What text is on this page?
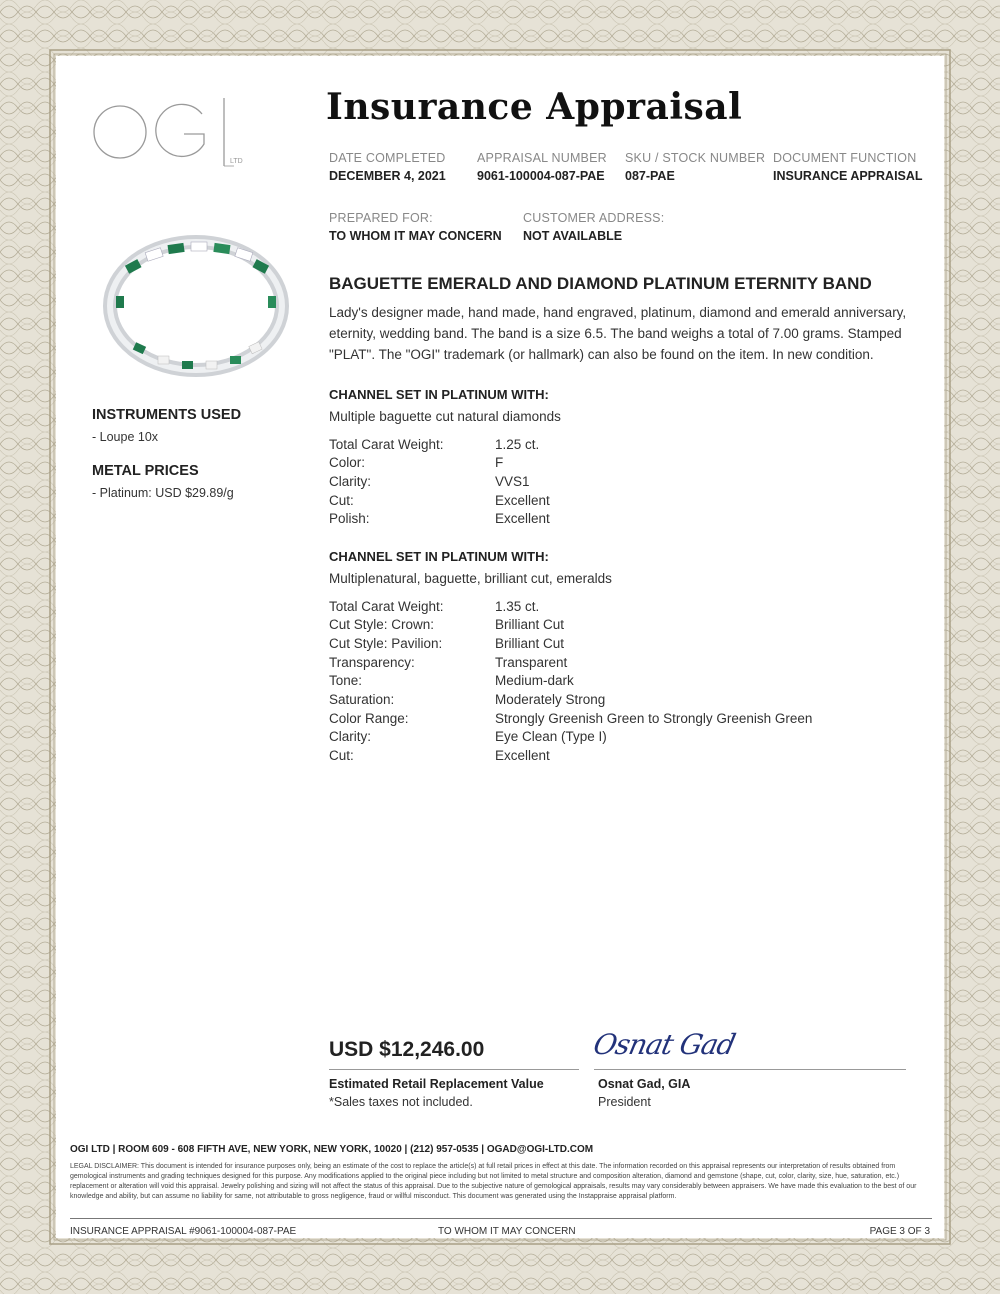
LTD
Insurance Appraisal
DATE COMPLETED
DECEMBER 4, 2021
APPRAISAL NUMBER
9061-100004-087-PAE
SKU / STOCK NUMBER
087-PAE
DOCUMENT FUNCTION
INSURANCE APPRAISAL
PREPARED FOR:
TO WHOM IT MAY CONCERN
CUSTOMER ADDRESS:
NOT AVAILABLE
INSTRUMENTS USED
- Loupe 10x
METAL PRICES
- Platinum: USD $29.89/g
BAGUETTE EMERALD AND DIAMOND PLATINUM ETERNITY BAND
Lady's designer made, hand made, hand engraved, platinum, diamond and emerald anniversary, eternity, wedding band. The band is a size 6.5. The band weighs a total of 7.00 grams. Stamped "PLAT". The "OGI" trademark (or hallmark) can also be found on the item. In new condition.
CHANNEL SET IN PLATINUM WITH:
Multiple baguette cut natural diamonds
Total Carat Weight:	1.25 ct.
Color:	F
Clarity:	VVS1
Cut:	Excellent
Polish:	Excellent
CHANNEL SET IN PLATINUM WITH:
Multiplenatural, baguette, brilliant cut, emeralds
Total Carat Weight:	1.35 ct.
Cut Style: Crown:	Brilliant Cut
Cut Style: Pavilion:	Brilliant Cut
Transparency:	Transparent
Tone:	Medium-dark
Saturation:	Moderately Strong
Color Range:	Strongly Greenish Green to Strongly Greenish Green
Clarity:	Eye Clean (Type I)
Cut:	Excellent
USD $12,246.00
Estimated Retail Replacement Value
*Sales taxes not included.
Osnat Gad
Osnat Gad, GIA
President
OGI LTD | ROOM 609 - 608 FIFTH AVE, NEW YORK, NEW YORK, 10020 | (212) 957-0535 | OGAD@OGI-LTD.COM
LEGAL DISCLAIMER: This document is intended for insurance purposes only, being an estimate of the cost to replace the article(s) at full retail prices in effect at this date. The information recorded on this appraisal represents our interpretation of results obtained from gemological instruments and grading techniques designed for this purpose. Any modifications applied to the original piece including but not limited to metal structure and composition alteration, diamond and gemstone (shape, cut, color, clarity, size, hue, saturation, etc.) replacement or alteration will void this appraisal. Jewelry polishing and sizing will not affect the status of this appraisal. Due to the subjective nature of gemological appraisals, results may vary considerably between appraisers. We have made this evaluation to the best of our knowledge and ability, but can assume no liability for same, not attributable to gross negligence, fraud or willful misconduct. This document was generated using the Instappraise appraisal platform.
INSURANCE APPRAISAL #9061-100004-087-PAE	TO WHOM IT MAY CONCERN	PAGE 3 OF 3
